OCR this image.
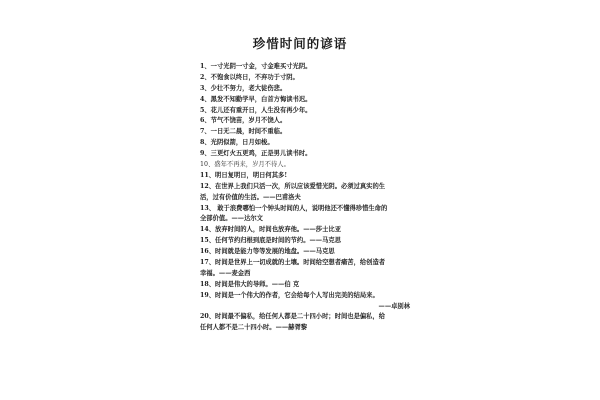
珍惜时间的谚语
1、一寸光阴一寸金，寸金难买寸光阴。
2、不饱食以终日，不弃功于寸阴。
3、少壮不努力，老大徒伤悲。
4、黑发不知勤学早，白首方悔读书迟。
5、花儿还有重开日，人生没有再少年。
6、节气不饶苗，岁月不饶人。
7、一日无二晨，时间不重临。
8、光阴似箭，日月如梭。
9、三更灯火五更鸡，正是男儿读书时。
10、盛年不再来，岁月不待人。
11、明日复明日，明日何其多!
12、在世界上我们只活一次，所以应该爱惜光阴。必须过真实的生
活，过有价值的生活。——巴甫洛夫
13、 敢于浪费哪怕一个钟头时间的人，说明他还不懂得珍惜生命的
全部价值。——达尔文
14、放弃时间的人，时间也放弃他。——莎士比亚
15、任何节约归根到底是时间的节约。——马克思
16、时间就是能力等等发展的地盘。——马克思
17、时间是世界上一切成就的土壤。时间给空想者痛苦，给创造者
幸福。——麦金西
18、时间是伟大的导师。——伯 克
19、时间是一个伟大的作者，它会给每个人写出完美的结局来。
——卓别林
20、时间最不偏私，给任何人都是二十四小时；时间也是偏私，给
任何人都不是二十四小时。——赫胥黎
